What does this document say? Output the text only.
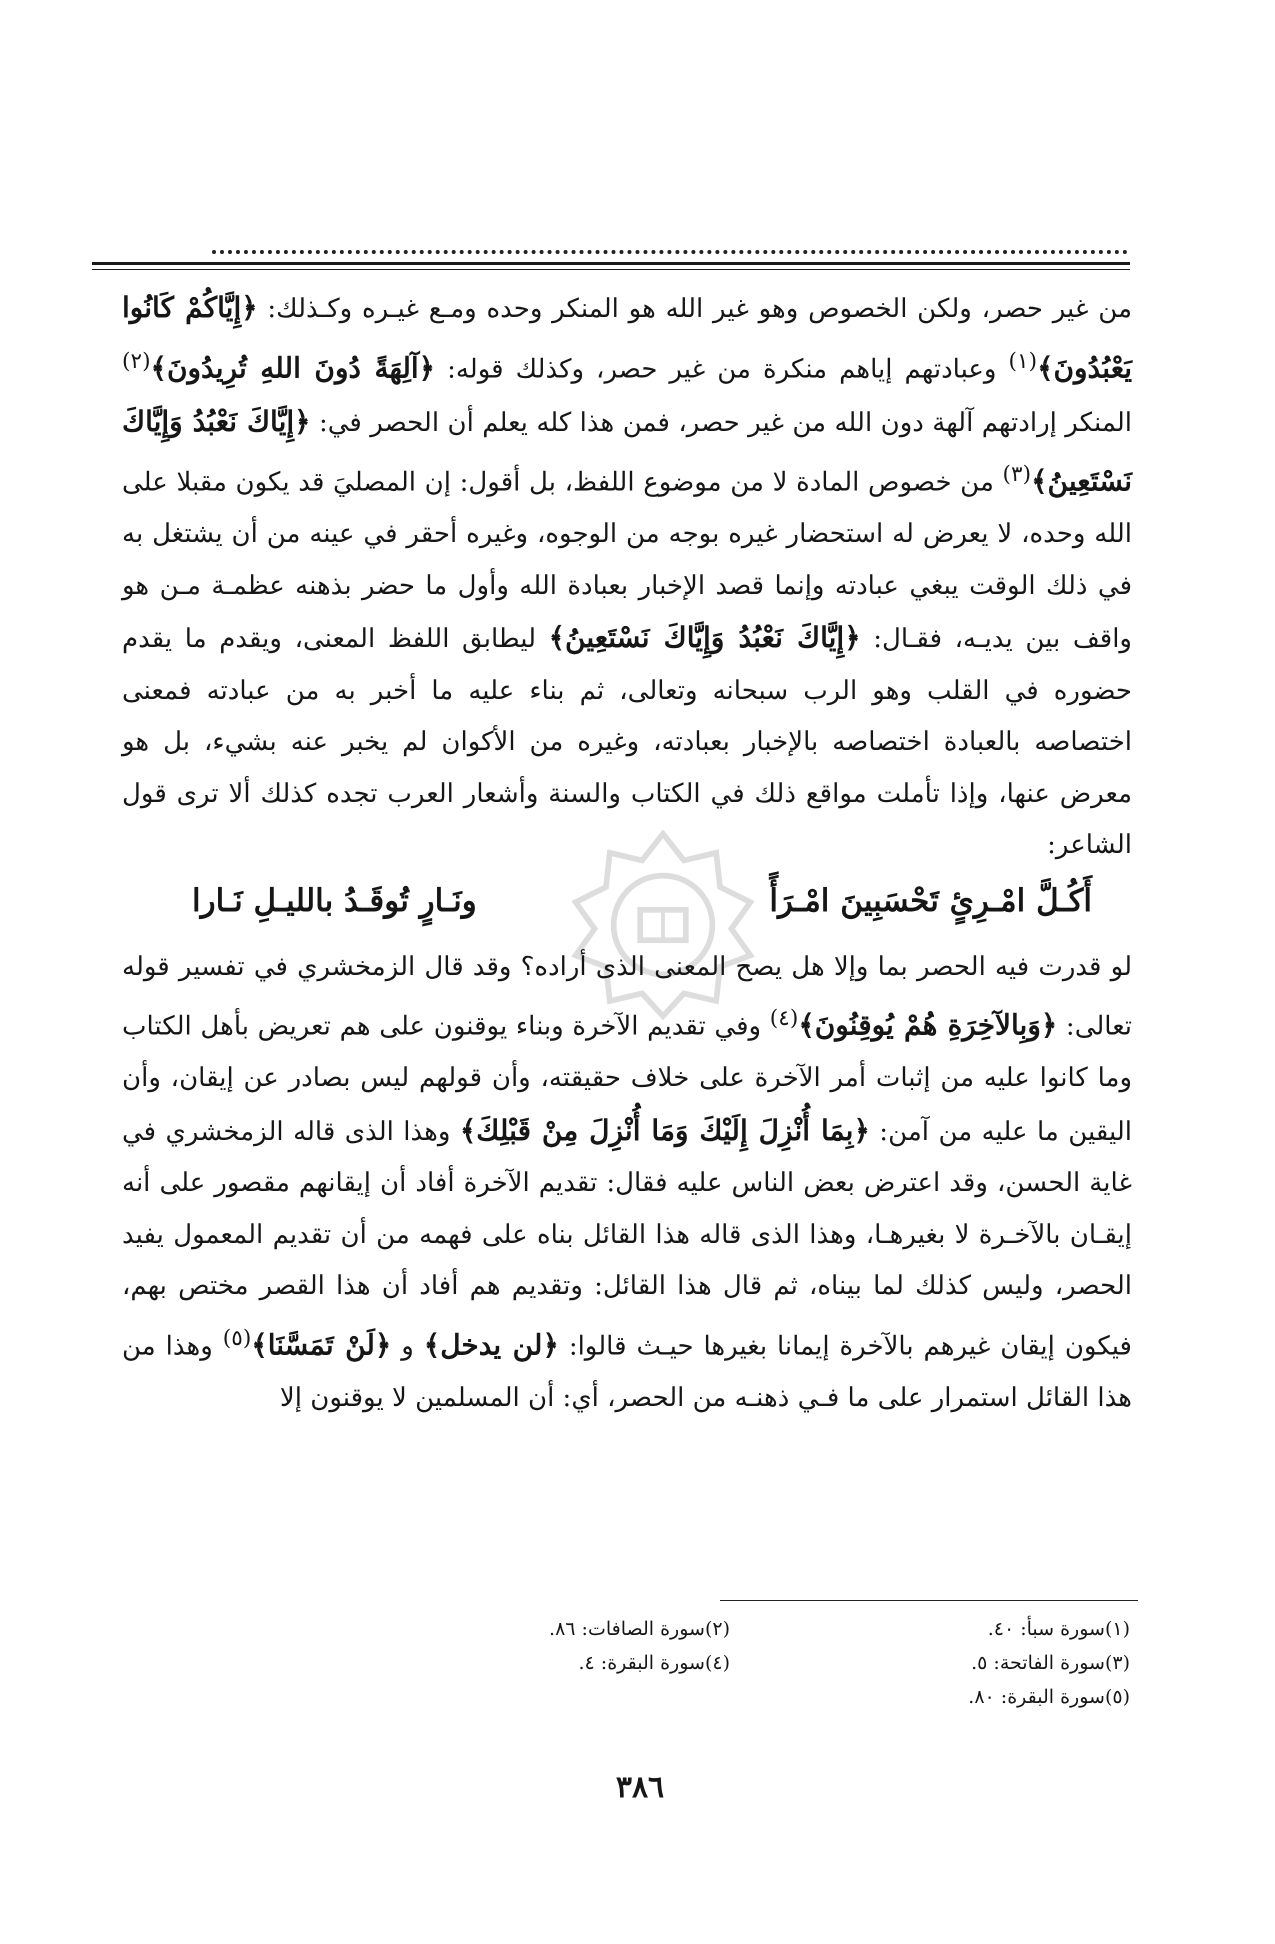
من غير حصر، ولكن الخصوص وهو غير الله هو المنكر وحده ومـع غيـره وكـذلك: ﴿إِيَّاكُمْ كَانُوا يَعْبُدُونَ﴾$^{(١)}$ وعبادتهم إياهم منكرة من غير حصر، وكذلك قوله: ﴿آلِهَةً دُونَ اللهِ تُرِيدُونَ﴾$^{(٢)}$ المنكر إرادتهم آلهة دون الله من غير حصر، فمن هذا كله يعلم أن الحصر في: ﴿إِيَّاكَ نَعْبُدُ وَإِيَّاكَ نَسْتَعِينُ﴾$^{(٣)}$ من خصوص المادة لا من موضوع اللفظ، بل أقول: إن المصليَ قد يكون مقبلا على الله وحده، لا يعرض له استحضار غيره بوجه من الوجوه، وغيره أحقر في عينه من أن يشتغل به في ذلك الوقت يبغي عبادته وإنما قصد الإخبار بعبادة الله وأول ما حضر بذهنه عظمـة مـن هو واقف بين يديـه، فقـال: ﴿إِيَّاكَ نَعْبُدُ وَإِيَّاكَ نَسْتَعِينُ﴾ ليطابق اللفظ المعنى، ويقدم ما يقدم حضوره في القلب وهو الرب سبحانه وتعالى، ثم بناء عليه ما أخبر به من عبادته فمعنى اختصاصه بالعبادة اختصاصه بالإخبار بعبادته، وغيره من الأكوان لم يخبر عنه بشيء، بل هو معرض عنها، وإذا تأملت مواقع ذلك في الكتاب والسنة وأشعار العرب تجده كذلك ألا ترى قول الشاعر:

أَكُـلَّ امْـرِئٍ تَحْسَبِينَ امْـرَأً
ونَـارٍ تُوقَـدُ بالليـلِ نَـارا

لو قدرت فيه الحصر بما وإلا هل يصح المعنى الذى أراده؟ وقد قال الزمخشري في تفسير قوله تعالى: ﴿وَبِالآخِرَةِ هُمْ يُوقِنُونَ﴾$^{(٤)}$ وفي تقديم الآخرة وبناء يوقنون على هم تعريض بأهل الكتاب وما كانوا عليه من إثبات أمر الآخرة على خلاف حقيقته، وأن قولهم ليس بصادر عن إيقان، وأن اليقين ما عليه من آمن: ﴿بِمَا أُنْزِلَ إِلَيْكَ وَمَا أُنْزِلَ مِنْ قَبْلِكَ﴾ وهذا الذى قاله الزمخشري في غاية الحسن، وقد اعترض بعض الناس عليه فقال: تقديم الآخرة أفاد أن إيقانهم مقصور على أنه إيقـان بالآخـرة لا بغيرهـا، وهذا الذى قاله هذا القائل بناه على فهمه من أن تقديم المعمول يفيد الحصر، وليس كذلك لما بيناه، ثم قال هذا القائل: وتقديم هم أفاد أن هذا القصر مختص بهم، فيكون إيقان غيرهم بالآخرة إيمانا بغيرها حيـث قالوا: ﴿لن يدخل﴾ و ﴿لَنْ تَمَسَّنَا﴾$^{(٥)}$ وهذا من هذا القائل استمرار على ما فـي ذهنـه من الحصر، أي: أن المسلمين لا يوقنون إلا

(١)سورة سبأ: ٤٠.
(٢)سورة الصافات: ٨٦.
(٣)سورة الفاتحة: ٥.
(٤)سورة البقرة: ٤.
(٥)سورة البقرة: ٨٠.
٣٨٦
